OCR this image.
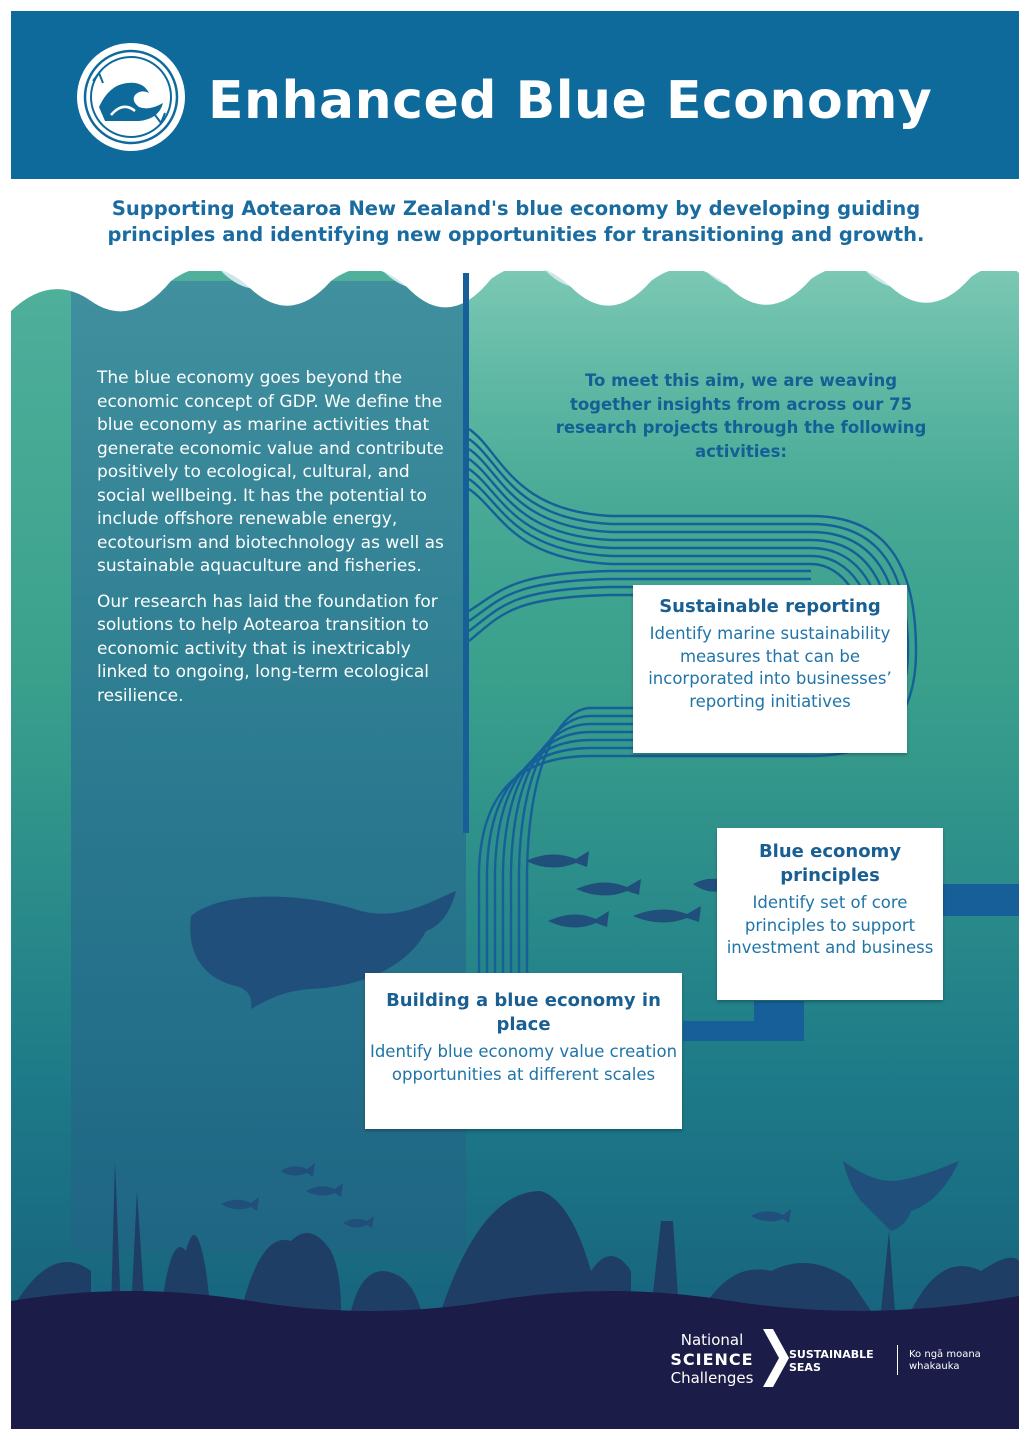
Enhanced Blue Economy

Supporting Aotearoa New Zealand's blue economy by developing guiding principles and identifying new opportunities for transitioning and growth.

The blue economy goes beyond the economic concept of GDP. We define the blue economy as marine activities that generate economic value and contribute positively to ecological, cultural, and social wellbeing. It has the potential to include offshore renewable energy, ecotourism and biotechnology as well as sustainable aquaculture and fisheries.

Our research has laid the foundation for solutions to help Aotearoa transition to economic activity that is inextricably linked to ongoing, long-term ecological resilience.

To meet this aim, we are weaving together insights from across our 75 research projects through the following activities:

Sustainable reporting

Identify marine sustainability measures that can be incorporated into businesses’ reporting initiatives

Blue economy principles

Identify set of core principles to support investment and business

Building a blue economy in place

Identify blue economy value creation opportunities at different scales

National
SCIENCE
Challenges
SUSTAINABLE SEAS
Ko ngā moana whakauka
